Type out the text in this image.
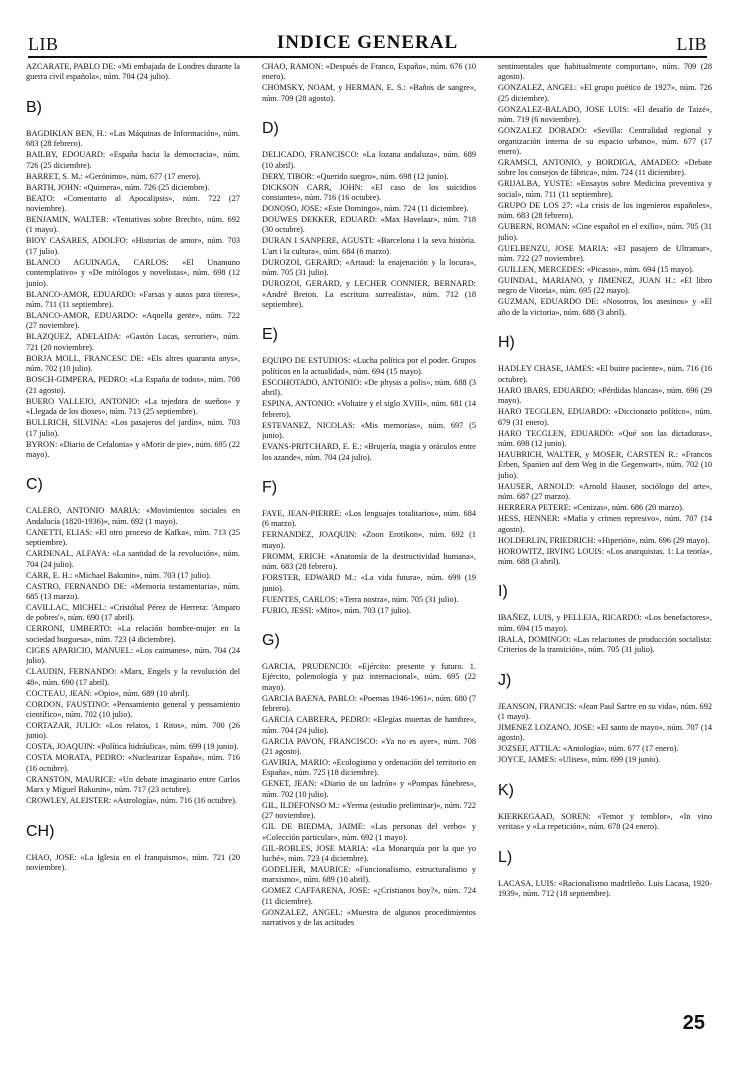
LIB	INDICE GENERAL	LIB
AZCARATE, PABLO DE: «Mi embajada de Londres durante la guerra civil española», núm. 704 (24 julio).
B)
BAGDIKIAN BEN, H.: «Las Máquinas de Información», núm. 683 (28 febrero).
BAILBY, EDOUARD: «España hacia la democracia», núm. 726 (25 diciembre).
BARRET, S. M.: «Gerónimo», núm. 677 (17 enero).
BARTH, JOHN: «Quimera», núm. 726 (25 diciembre).
BEATO: «Comentario al Apocalipsis», núm. 722 (27 noviembre).
BENJAMIN, WALTER: «Tentativas sobre Brecht», núm. 692 (1 mayo).
BIOY CASARES, ADOLFO: «Historias de amor», núm. 703 (17 julio).
BLANCO AGUINAGA, CARLOS: «El Unamuno contemplativo» y «De mitólogos y novelistas», núm. 698 (12 junio).
BLANCO-AMOR, EDUARDO: «Farsas y autos para títeres», núm. 711 (11 septiembre).
BLANCO-AMOR, EDUARDO: «Aquella gente», núm. 722 (27 noviembre).
BLAZQUEZ, ADELAIDA: «Gastón Lucas, serrurier», núm. 721 (20 noviembre).
BORJA MOLL, FRANCESC DE: «Els altres quaranta anys», núm. 702 (10 julio).
BOSCH-GIMPERA, PEDRO: «La España de todos», núm. 708 (21 agosto).
BUERO VALLEJO, ANTONIO: «La tejedora de sueños» y «Llegada de los dioses», núm. 713 (25 septiembre).
BULLRICH, SILVINA: «Los pasajeros del jardín», núm. 703 (17 julio).
BYRON: «Diario de Cefalonia» y «Morir de pie», núm. 695 (22 mayo).
C)
CALERO, ANTONIO MARIA: «Movimientos sociales en Andalucía (1820-1936)», núm. 692 (1 mayo).
CANETTI, ELIAS: «El otro proceso de Kafka», núm. 713 (25 septiembre).
CARDENAL, ALFAYA: «La santidad de la revolución», núm. 704 (24 julio).
CARR, E. H.: «Michael Bakunin», núm. 703 (17 julio).
CASTRO, FERNANDO DE: «Memoria testamentaria», núm. 685 (13 marzo).
CAVILLAC, MICHEL: «Cristóbal Pérez de Herrera: 'Amparo de pobres'», núm. 690 (17 abril).
CERRONI, UMBERTO: «La relación hombre-mujer en la sociedad burguesa», núm. 723 (4 diciembre).
CIGES APARICIO, MANUEL: «Los caimanes», núm. 704 (24 julio).
CLAUDIN, FERNANDO: «Marx, Engels y la revolución del 48», núm. 690 (17 abril).
COCTEAU, JEAN: «Opio», núm. 689 (10 abril).
CORDON, FAUSTINO: «Pensamiento general y pensamiento científico», núm. 702 (10 julio).
CORTAZAR, JULIO: «Los relatos, 1 Ritos», núm. 700 (26 junio).
COSTA, JOAQUIN: «Política hidráulica», núm. 699 (19 junio).
COSTA MORATA, PEDRO: «Nuclearizar España», núm. 716 (16 octubre).
CRANSTON, MAURICE: «Un debate imaginario entre Carlos Marx y Miguel Bakunin», núm. 717 (23 octubre).
CROWLEY, ALEISTER: «Astrología», núm. 716 (16 octubre).
CH)
CHAO, JOSE: «La Iglesia en el franquismo», núm. 721 (20 noviembre).
CHAO, RAMON: «Después de Franco, España», núm. 676 (10 enero).
CHOMSKY, NOAM, y HERMAN, E. S.: «Baños de sangre», núm. 709 (28 agosto).
D)
DELICADO, FRANCISCO: «La lozana andaluza», núm. 689 (10 abril).
DERY, TIBOR: «Querido suegro», núm. 698 (12 junio).
DICKSON CARR, JOHN: «El caso de los suicidios constantes», núm. 716 (16 octubre).
DONOSO, JOSE: «Este Domingo», núm. 724 (11 diciembre).
DOUWES DEKKER, EDUARD: «Max Havelaar», núm. 718 (30 octubre).
DURAN I SANPERE, AGUSTI: «Barcelona i la seva història. L'art i la cultura», núm. 684 (6 marzo).
DUROZOI, GERARD: «Artaud: la enajenación y la locura», núm. 705 (31 julio).
DUROZOI, GERARD, y LECHER CONNIER, BERNARD: «André Breton. La escritura surrealista», núm. 712 (18 septiembre).
E)
EQUIPO DE ESTUDIOS: «Lucha política por el poder. Grupos políticos en la actualidad», núm. 694 (15 mayo).
ESCOHOTADO, ANTONIO: «De physis a polis», núm. 688 (3 abril).
ESPINA, ANTONIO: «Voltaire y el siglo XVIII», núm. 681 (14 febrero).
ESTEVANEZ, NICOLAS: «Mis memorias», núm. 697 (5 junio).
EVANS-PRITCHARD, E. E.: «Brujería, magia y oráculos entre los azande», núm. 704 (24 julio).
F)
FAYE, JEAN-PIERRE: «Los lenguajes totalitarios», núm. 684 (6 marzo).
FERNANDEZ, JOAQUIN: «Zoon Erotikon», núm. 692 (1 mayo).
FROMM, ERICH: «Anatomía de la destructividad humana», núm. 683 (28 febrero).
FORSTER, EDWARD M.: «La vida futura», núm. 699 (19 junio).
FUENTES, CARLOS: «Terra nostra», núm. 705 (31 julio).
FURIO, JESSI: «Mito», núm. 703 (17 julio).
G)
GARCIA, PRUDENCIO: «Ejército: presente y futuro. 1. Ejército, polemología y paz internacional», núm. 695 (22 mayo).
GARCIA BAENA, PABLO: «Poemas 1946-1961», núm. 680 (7 febrero).
GARCIA CABRERA, PEDRO: «Elegías muertas de hambre», núm. 704 (24 julio).
GARCIA PAVON, FRANCISCO: «Ya no es ayer», núm. 708 (21 agosto).
GAVIRIA, MARIO: «Ecologismo y ordenación del territorio en España», núm. 725 (18 diciembre).
GENET, JEAN: «Diario de un ladrón» y «Pompas fúnebres», núm. 702 (10 julio).
GIL, ILDEFONSO M.: «Yerma (estudio preliminar)», núm. 722 (27 noviembre).
GIL DE BIEDMA, JAIME: «Las personas del verbo» y «Colección particular», núm. 692 (1 mayo).
GIL-ROBLES, JOSE MARIA: «La Monarquía por la que yo luché», núm. 723 (4 diciembre).
GODELIER, MAURICE: «Funcionalismo, estructuralismo y marxismo», núm. 689 (10 abril).
GOMEZ CAFFARENA, JOSE: «¿Cristianos hoy?», núm. 724 (11 diciembre).
GONZALEZ, ANGEL: «Muestra de algunos procedimientos narrativos y de las actitudes
sentimentales que habitualmente comportan», núm. 709 (28 agosto).
GONZALEZ, ANGEL: «El grupo poético de 1927», núm. 726 (25 diciembre).
GONZALEZ-BALADO, JOSE LUIS: «El desafío de Taizé», núm. 719 (6 noviembre).
GONZALEZ DORADO: «Sevilla: Centralidad regional y organización interna de su espacio urbano», núm. 677 (17 enero).
GRAMSCI, ANTONIO, y BORDIGA, AMADEO: «Debate sobre los consejos de fábrica», núm. 724 (11 diciembre).
GRIJALBA, YUSTE: «Ensayos sobre Medicina preventiva y social», núm. 711 (11 septiembre).
GRUPO DE LOS 27: «La crisis de los ingenieros españoles», núm. 683 (28 febrero).
GUBERN, ROMAN: «Cine español en el exilio», núm. 705 (31 julio).
GUELBENZU, JOSE MARIA: «El pasajero de Ultramar», núm. 722 (27 noviembre).
GUILLEN, MERCEDES: «Picasso», núm. 694 (15 mayo).
GUINDAL, MARIANO, y JIMENEZ, JUAN H.: «El libro negro de Vitoria», núm. 695 (22 mayo).
GUZMAN, EDUARDO DE: «Nosotros, los asesinos» y «El año de la victoria», núm. 688 (3 abril).
H)
HADLEY CHASE, JAMES: «El buitre paciente», núm. 716 (16 octubre).
HARO IBARS, EDUARDO: «Pérdidas blancas», núm. 696 (29 mayo).
HARO TECGLEN, EDUARDO: «Diccionario político», núm. 679 (31 enero).
HARO TECGLEN, EDUARDO: «Qué son las dictaduras», núm. 698 (12 junio).
HAUBRICH, WALTER, y MOSER, CARSTEN R.: «Francos Erben, Spanien auf dem Weg in die Gegenwart», núm. 702 (10 julio).
HAUSER, ARNOLD: «Arnold Hauser, sociólogo del arte», núm. 687 (27 marzo).
HERRERA PETERE: «Cenizas», núm. 686 (20 marzo).
HESS, HENNER: «Mafia y crimen represivo», núm. 707 (14 agosto).
HOLDERLIN, FRIEDRICH: «Hiperión», núm. 696 (29 mayo).
HOROWITZ, IRVING LOUIS: «Los anarquistas. 1: La teoría», núm. 688 (3 abril).
I)
IBAÑEZ, LUIS, y PELLEJA, RICARDO: «Los benefactores», núm. 694 (15 mayo).
IRALA, DOMINGO: «Las relaciones de producción socialista: Criterios de la transición», núm. 705 (31 julio).
J)
JEANSON, FRANCIS: «Jean Paul Sartre en su vida», núm. 692 (1 mayo).
JIMENEZ LOZANO, JOSE: «El santo de mayo», núm. 707 (14 agosto).
JOZSEF, ATTILA: «Antología», núm. 677 (17 enero).
JOYCE, JAMES: «Ulises», núm. 699 (19 junio).
K)
KIERKEGAAD, SOREN: «Temor y temblor», «In vino veritas» y «La repetición», núm. 678 (24 enero).
L)
LACASA, LUIS: «Racionalismo madrileño. Luis Lacasa, 1920-1939», núm. 712 (18 septiembre).
25
